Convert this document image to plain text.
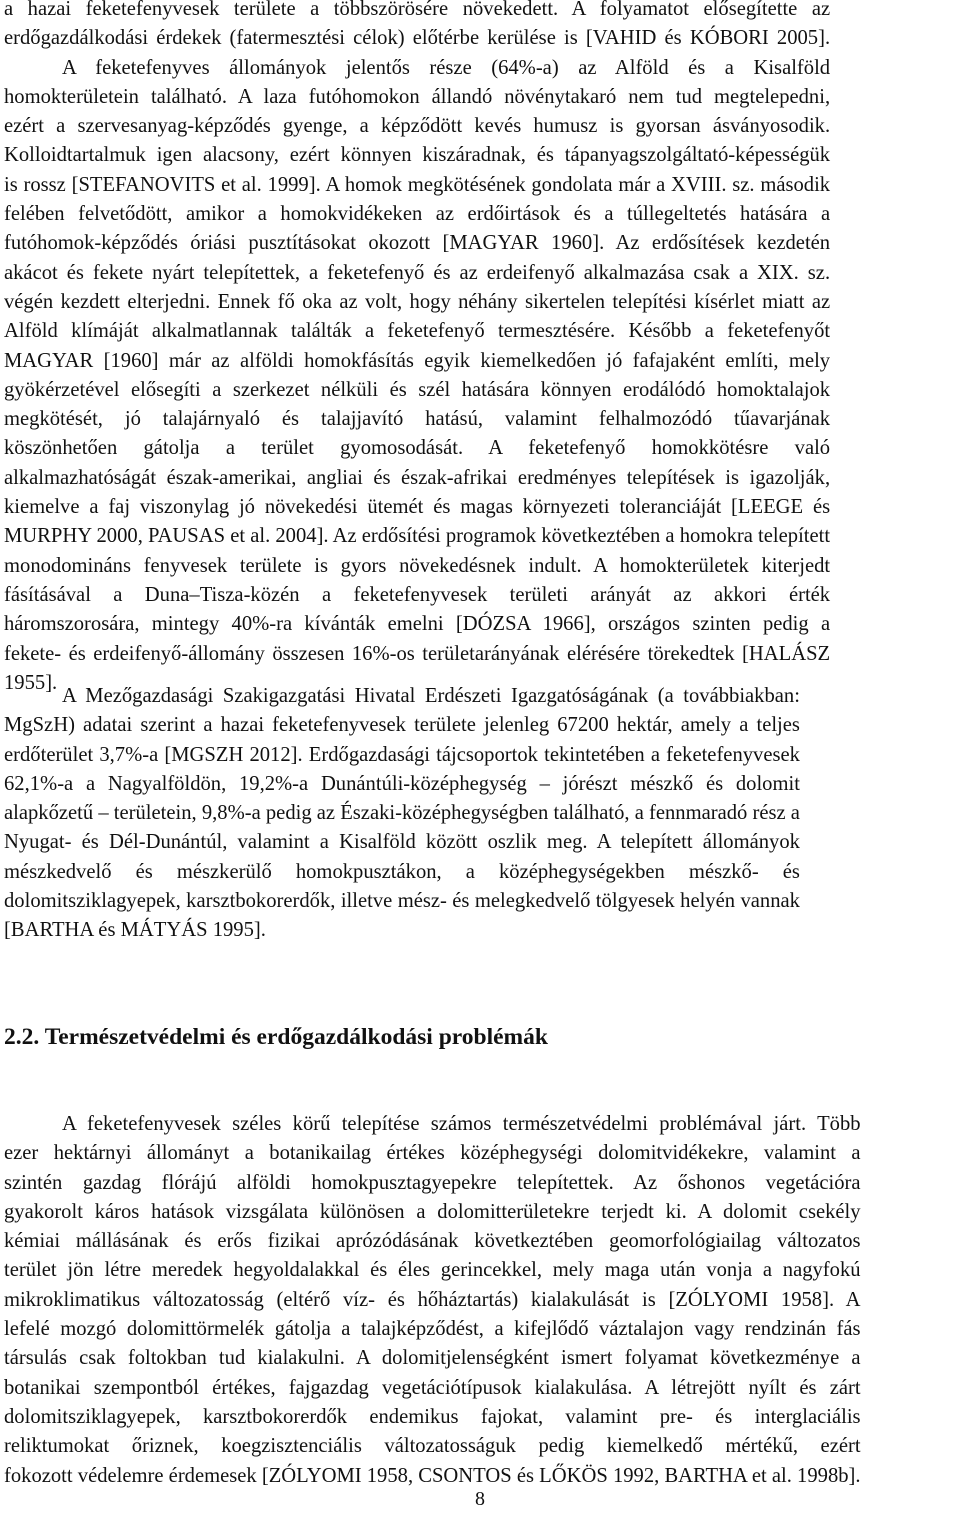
a hazai feketefenyvesek területe a többszörösére növekedett. A folyamatot elősegítette az
erdőgazdálkodási érdekek (fatermesztési célok) előtérbe kerülése is [VAHID és KÓBORI 2005].
A feketefenyves állományok jelentős része (64%-a) az Alföld és a Kisalföld
homokterületein található. A laza futóhomokon állandó növénytakaró nem tud megtelepedni,
ezért a szervesanyag-képződés gyenge, a képződött kevés humusz is gyorsan ásványosodik.
Kolloidtartalmuk igen alacsony, ezért könnyen kiszáradnak, és tápanyagszolgáltató-képességük
is rossz [STEFANOVITS et al. 1999]. A homok megkötésének gondolata már a XVIII. sz. második
felében felvetődött, amikor a homokvidékeken az erdőirtások és a túllegeltetés hatására a
futóhomok-képződés óriási pusztításokat okozott [MAGYAR 1960]. Az erdősítések kezdetén
akácot és fekete nyárt telepítettek, a feketefenyő és az erdeifenyő alkalmazása csak a XIX. sz.
végén kezdett elterjedni. Ennek fő oka az volt, hogy néhány sikertelen telepítési kísérlet miatt az
Alföld klímáját alkalmatlannak találták a feketefenyő termesztésére. Később a feketefenyőt
MAGYAR [1960] már az alföldi homokfásítás egyik kiemelkedően jó fafajaként említi, mely
gyökérzetével elősegíti a szerkezet nélküli és szél hatására könnyen erodálódó homoktalajok
megkötését, jó talajárnyaló és talajjavító hatású, valamint felhalmozódó tűavarjának
köszönhetően gátolja a terület gyomosodását. A feketefenyő homokkötésre való
alkalmazhatóságát észak-amerikai, angliai és észak-afrikai eredményes telepítések is igazolják,
kiemelve a faj viszonylag jó növekedési ütemét és magas környezeti toleranciáját [LEEGE és
MURPHY 2000, PAUSAS et al. 2004]. Az erdősítési programok következtében a homokra telepített
monodomináns fenyvesek területe is gyors növekedésnek indult. A homokterületek kiterjedt
fásításával a Duna–Tisza-közén a feketefenyvesek területi arányát az akkori érték
háromszorosára, mintegy 40%-ra kívánták emelni [DÓZSA 1966], országos szinten pedig a
fekete- és erdeifenyő-állomány összesen 16%-os területarányának elérésére törekedtek [HALÁSZ
1955].
A Mezőgazdasági Szakigazgatási Hivatal Erdészeti Igazgatóságának (a továbbiakban:
MgSzH) adatai szerint a hazai feketefenyvesek területe jelenleg 67200 hektár, amely a teljes
erdőterület 3,7%-a [MGSZH 2012]. Erdőgazdasági tájcsoportok tekintetében a feketefenyvesek
62,1%-a a Nagyalföldön, 19,2%-a Dunántúli-középhegység – jórészt mészkő és dolomit
alapkőzetű – területein, 9,8%-a pedig az Északi-középhegységben található, a fennmaradó rész a
Nyugat- és Dél-Dunántúl, valamint a Kisalföld között oszlik meg. A telepített állományok
mészkedvelő és mészkerülő homokpusztákon, a középhegységekben mészkő- és
dolomitsziklagyepek, karsztbokorerdők, illetve mész- és melegkedvelő tölgyesek helyén vannak
[BARTHA és MÁTYÁS 1995].
2.2. Természetvédelmi és erdőgazdálkodási problémák
A feketefenyvesek széles körű telepítése számos természetvédelmi problémával járt. Több
ezer hektárnyi állományt a botanikailag értékes középhegységi dolomitvidékekre, valamint a
szintén gazdag flórájú alföldi homokpusztagyepekre telepítettek. Az őshonos vegetációra
gyakorolt káros hatások vizsgálata különösen a dolomitterületekre terjedt ki. A dolomit csekély
kémiai mállásának és erős fizikai aprózódásának következtében geomorfológiailag változatos
terület jön létre meredek hegyoldalakkal és éles gerincekkel, mely maga után vonja a nagyfokú
mikroklimatikus változatosság (eltérő víz- és hőháztartás) kialakulását is [ZÓLYOMI 1958]. A
lefelé mozgó dolomittörmelék gátolja a talajképződést, a kifejlődő váztalajon vagy rendzinán fás
társulás csak foltokban tud kialakulni. A dolomitjelenségként ismert folyamat következménye a
botanikai szempontból értékes, fajgazdag vegetációtípusok kialakulása. A létrejött nyílt és zárt
dolomitsziklagyepek, karsztbokorerdők endemikus fajokat, valamint pre- és interglaciális
reliktumokat őriznek, koegzisztenciális változatosságuk pedig kiemelkedő mértékű, ezért
fokozott védelemre érdemesek [ZÓLYOMI 1958, CSONTOS és LŐKÖS 1992, BARTHA et al. 1998b].
8
